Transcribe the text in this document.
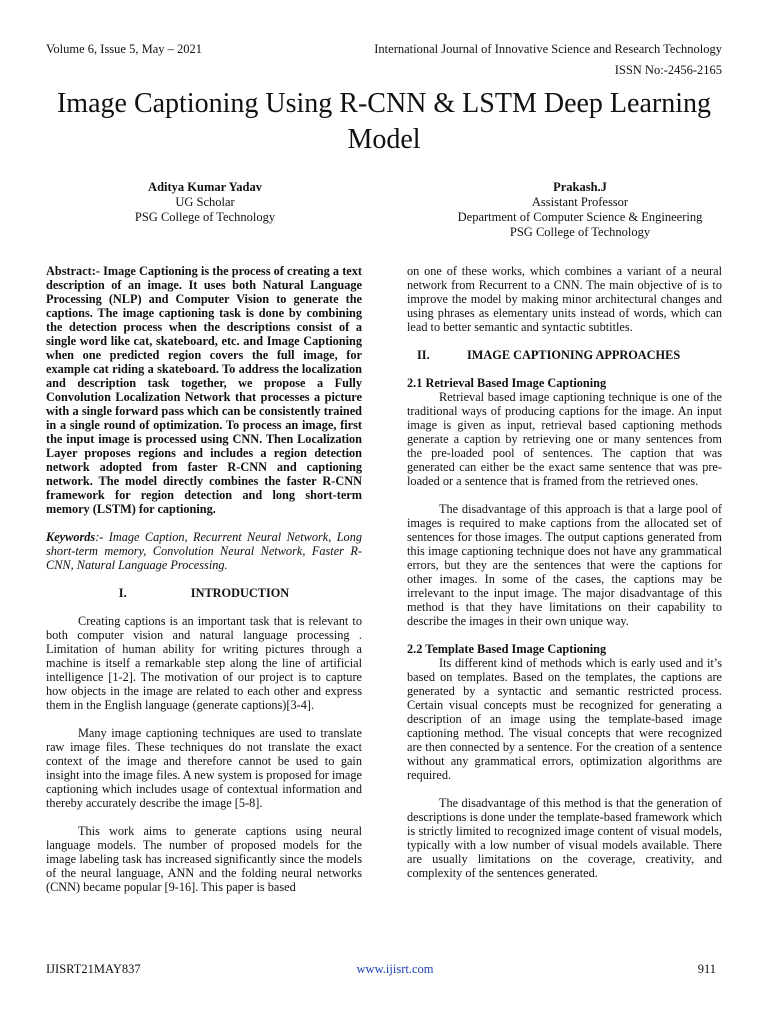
Volume 6, Issue 5, May – 2021	International Journal of Innovative Science and Research Technology
ISSN No:-2456-2165
Image Captioning Using R-CNN & LSTM Deep Learning Model
Aditya Kumar Yadav
UG Scholar
PSG College of Technology
Prakash.J
Assistant Professor
Department of Computer Science & Engineering
PSG College of Technology

Abstract:- Image Captioning is the process of creating a text description of an image. It uses both Natural Language Processing (NLP) and Computer Vision to generate the captions. The image captioning task is done by combining the detection process when the descriptions consist of a single word like cat, skateboard, etc. and Image Captioning when one predicted region covers the full image, for example cat riding a skateboard. To address the localization and description task together, we propose a Fully Convolution Localization Network that processes a picture with a single forward pass which can be consistently trained in a single round of optimization. To process an image, first the input image is processed using CNN. Then Localization Layer proposes regions and includes a region detection network adopted from faster R-CNN and captioning network. The model directly combines the faster R-CNN framework for region detection and long short-term memory (LSTM) for captioning.

Keywords:- Image Caption, Recurrent Neural Network, Long short-term memory, Convolution Neural Network, Faster R-CNN, Natural Language Processing.

I.	INTRODUCTION

Creating captions is an important task that is relevant to both computer vision and natural language processing . Limitation of human ability for writing pictures through a machine is itself a remarkable step along the line of artificial intelligence [1-2]. The motivation of our project is to capture how objects in the image are related to each other and express them in the English language (generate captions)[3-4].

Many image captioning techniques are used to translate raw image files. These techniques do not translate the exact context of the image and therefore cannot be used to gain insight into the image files. A new system is proposed for image captioning which includes usage of contextual information and thereby accurately describe the image [5-8].

This work aims to generate captions using neural language models. The number of proposed models for the image labeling task has increased significantly since the models of the neural language, ANN and the folding neural networks (CNN) became popular [9-16]. This paper is based

on one of these works, which combines a variant of a neural network from Recurrent to a CNN. The main objective of is to improve the model by making minor architectural changes and using phrases as elementary units instead of words, which can lead to better semantic and syntactic subtitles.

II.	IMAGE CAPTIONING APPROACHES
2.1 Retrieval Based Image Captioning

Retrieval based image captioning technique is one of the traditional ways of producing captions for the image. An input image is given as input, retrieval based captioning methods generate a caption by retrieving one or many sentences from the pre-loaded pool of sentences. The caption that was generated can either be the exact same sentence that was pre-loaded or a sentence that is framed from the retrieved ones.

The disadvantage of this approach is that a large pool of images is required to make captions from the allocated set of sentences for those images. The output captions generated from this image captioning technique does not have any grammatical errors, but they are the sentences that were the captions for other images. In some of the cases, the captions may be irrelevant to the input image. The major disadvantage of this method is that they have limitations on their capability to describe the images in their own unique way.

2.2 Template Based Image Captioning

Its different kind of methods which is early used and it’s based on templates. Based on the templates, the captions are generated by a syntactic and semantic restricted process. Certain visual concepts must be recognized for generating a description of an image using the template-based image captioning method. The visual concepts that were recognized are then connected by a sentence. For the creation of a sentence without any grammatical errors, optimization algorithms are required.

The disadvantage of this method is that the generation of descriptions is done under the template-based framework which is strictly limited to recognized image content of visual models, typically with a low number of visual models available. There are usually limitations on the coverage, creativity, and complexity of the sentences generated.

IJISRT21MAY837	www.ijisrt.com	911
